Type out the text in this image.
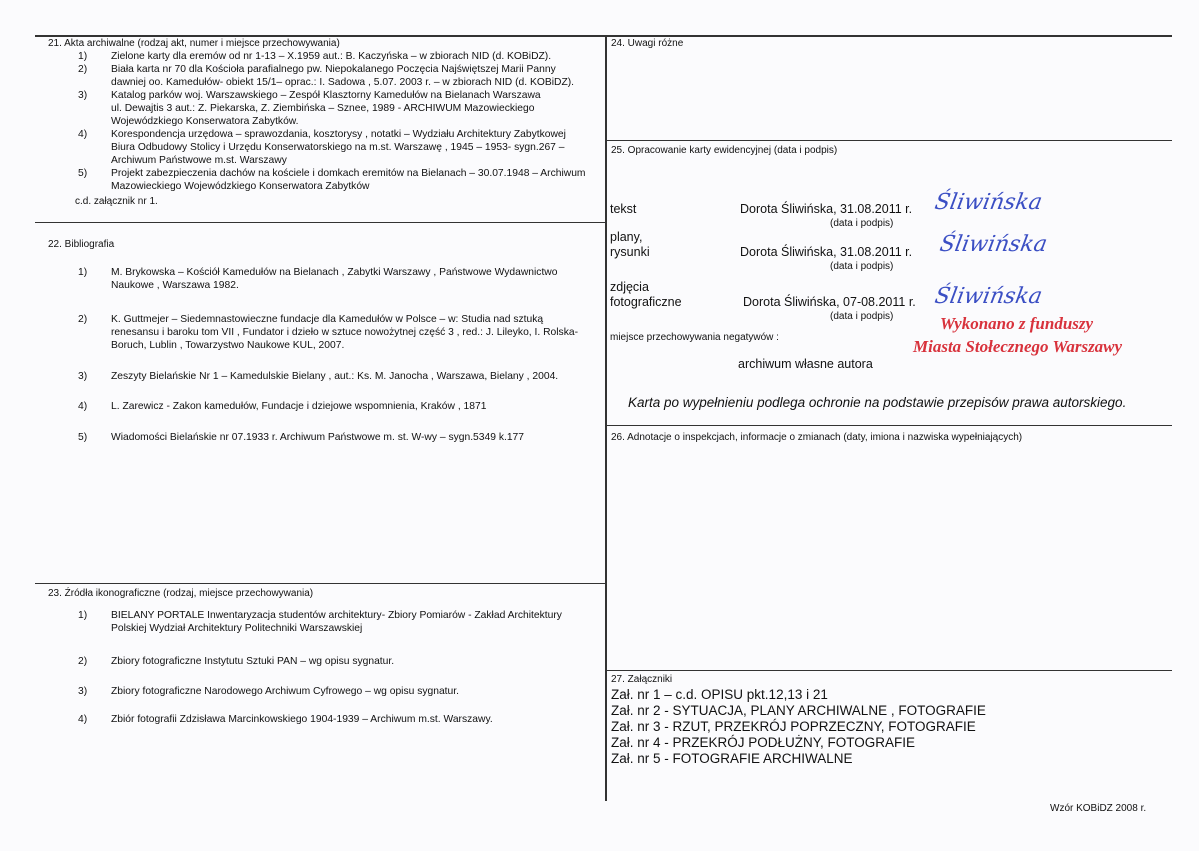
21. Akta archiwalne (rodzaj akt, numer i miejsce przechowywania)
1) Zielone karty dla eremów od nr 1-13 – X.1959 aut.: B. Kaczyńska – w zbiorach NID (d. KOBiDZ).
2) Biała karta nr 70 dla Kościoła parafialnego pw. Niepokalanego Poczęcia Najświętszej Marii Panny
dawniej oo. Kamedułów- obiekt 15/1– oprac.: I. Sadowa , 5.07. 2003 r. – w zbiorach NID (d. KOBiDZ).
3) Katalog parków woj. Warszawskiego – Zespół Klasztorny Kamedułów na Bielanach Warszawa
ul. Dewajtis 3 aut.: Z. Piekarska, Z. Ziembińska – Sznee, 1989 - ARCHIWUM Mazowieckiego
Wojewódzkiego Konserwatora Zabytków.
4) Korespondencja urzędowa – sprawozdania, kosztorysy , notatki – Wydziału Architektury Zabytkowej
Biura Odbudowy Stolicy i Urzędu Konserwatorskiego na m.st. Warszawę , 1945 – 1953- sygn.267 –
Archiwum Państwowe m.st. Warszawy
5) Projekt zabezpieczenia dachów na kościele i domkach eremitów na Bielanach – 30.07.1948 – Archiwum
Mazowieckiego Wojewódzkiego Konserwatora Zabytków
c.d. załącznik nr 1.
22. Bibliografia
1) M. Brykowska – Kościół Kamedułów na Bielanach , Zabytki Warszawy , Państwowe Wydawnictwo
Naukowe , Warszawa 1982.
2) K. Guttmejer – Siedemnastowieczne fundacje dla Kamedułów w Polsce – w: Studia nad sztuką
renesansu i baroku tom VII , Fundator i dzieło w sztuce nowożytnej część 3 , red.: J. Lileyko, I. Rolska-
Boruch, Lublin , Towarzystwo Naukowe KUL, 2007.
3) Zeszyty Bielańskie Nr 1 – Kamedulskie Bielany , aut.: Ks. M. Janocha , Warszawa, Bielany , 2004.
4) L. Zarewicz - Zakon kamedułów, Fundacje i dziejowe wspomnienia, Kraków , 1871
5) Wiadomości Bielańskie nr 07.1933 r. Archiwum Państwowe m. st. W-wy – sygn.5349 k.177
23. Źródła ikonograficzne (rodzaj, miejsce przechowywania)
1) BIELANY PORTALE Inwentaryzacja studentów architektury- Zbiory Pomiarów - Zakład Architektury
Polskiej Wydział Architektury Politechniki Warszawskiej
2) Zbiory fotograficzne Instytutu Sztuki PAN – wg opisu sygnatur.
3) Zbiory fotograficzne Narodowego Archiwum Cyfrowego – wg opisu sygnatur.
4) Zbiór fotografii Zdzisława Marcinkowskiego 1904-1939 – Archiwum m.st. Warszawy.
24. Uwagi różne
25. Opracowanie karty ewidencyjnej (data i podpis)
tekst	Dorota Śliwińska, 31.08.2011 r.
(data i podpis)
Śliwińska
plany,
rysunki	Dorota Śliwińska, 31.08.2011 r.
(data i podpis)
Śliwińska
zdjęcia
fotograficzne	Dorota Śliwińska, 07-08.2011 r.
(data i podpis)
Śliwińska
miejsce przechowywania negatywów :
archiwum własne autora
Wykonano z funduszy
Miasta Stołecznego Warszawy
Karta po wypełnieniu podlega ochronie na podstawie przepisów prawa autorskiego.
26. Adnotacje o inspekcjach, informacje o zmianach (daty, imiona i nazwiska wypełniających)
27. Załączniki
Zał. nr 1 – c.d. OPISU pkt.12,13 i 21
Zał. nr 2 - SYTUACJA, PLANY ARCHIWALNE , FOTOGRAFIE
Zał. nr 3 - RZUT, PRZEKRÓJ POPRZECZNY, FOTOGRAFIE
Zał. nr 4 - PRZEKRÓJ PODŁUŻNY, FOTOGRAFIE
Zał. nr 5 - FOTOGRAFIE ARCHIWALNE
Wzór KOBiDZ 2008 r.
